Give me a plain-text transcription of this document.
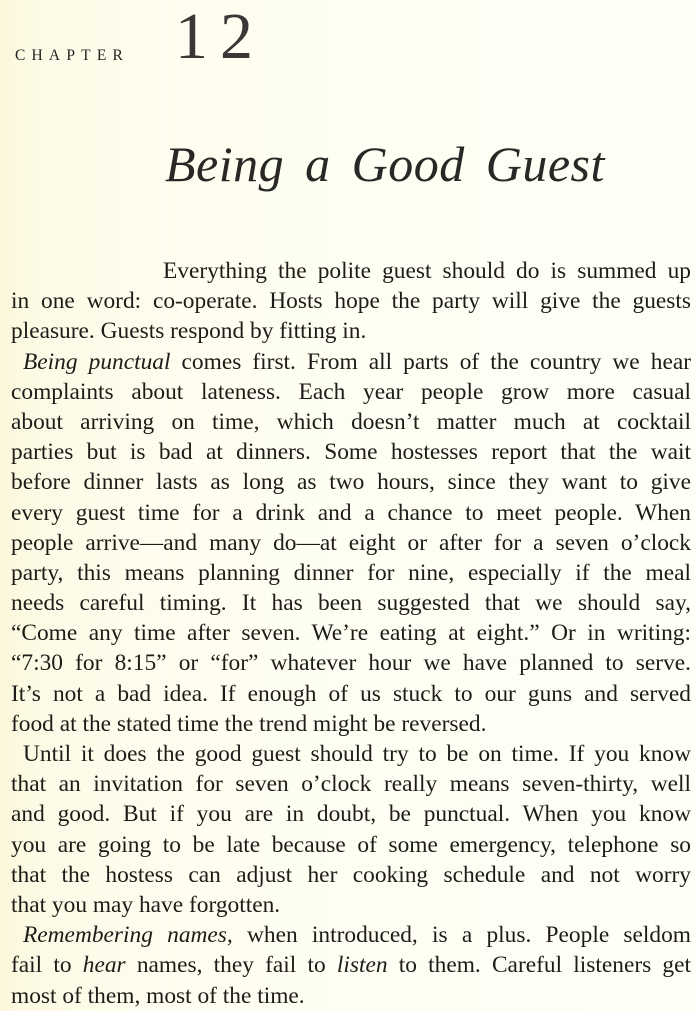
CHAPTER 12
Being a Good Guest
Everything the polite guest should do is summed up
in one word: co-operate. Hosts hope the party will give the guests
pleasure. Guests respond by fitting in.
Being punctual comes first. From all parts of the country we hear
complaints about lateness. Each year people grow more casual
about arriving on time, which doesn’t matter much at cocktail
parties but is bad at dinners. Some hostesses report that the wait
before dinner lasts as long as two hours, since they want to give
every guest time for a drink and a chance to meet people. When
people arrive—and many do—at eight or after for a seven o’clock
party, this means planning dinner for nine, especially if the meal
needs careful timing. It has been suggested that we should say,
“Come any time after seven. We’re eating at eight.” Or in writing:
“7:30 for 8:15” or “for” whatever hour we have planned to serve.
It’s not a bad idea. If enough of us stuck to our guns and served
food at the stated time the trend might be reversed.
Until it does the good guest should try to be on time. If you know
that an invitation for seven o’clock really means seven-thirty, well
and good. But if you are in doubt, be punctual. When you know
you are going to be late because of some emergency, telephone so
that the hostess can adjust her cooking schedule and not worry
that you may have forgotten.
Remembering names, when introduced, is a plus. People seldom
fail to hear names, they fail to listen to them. Careful listeners get
most of them, most of the time.
